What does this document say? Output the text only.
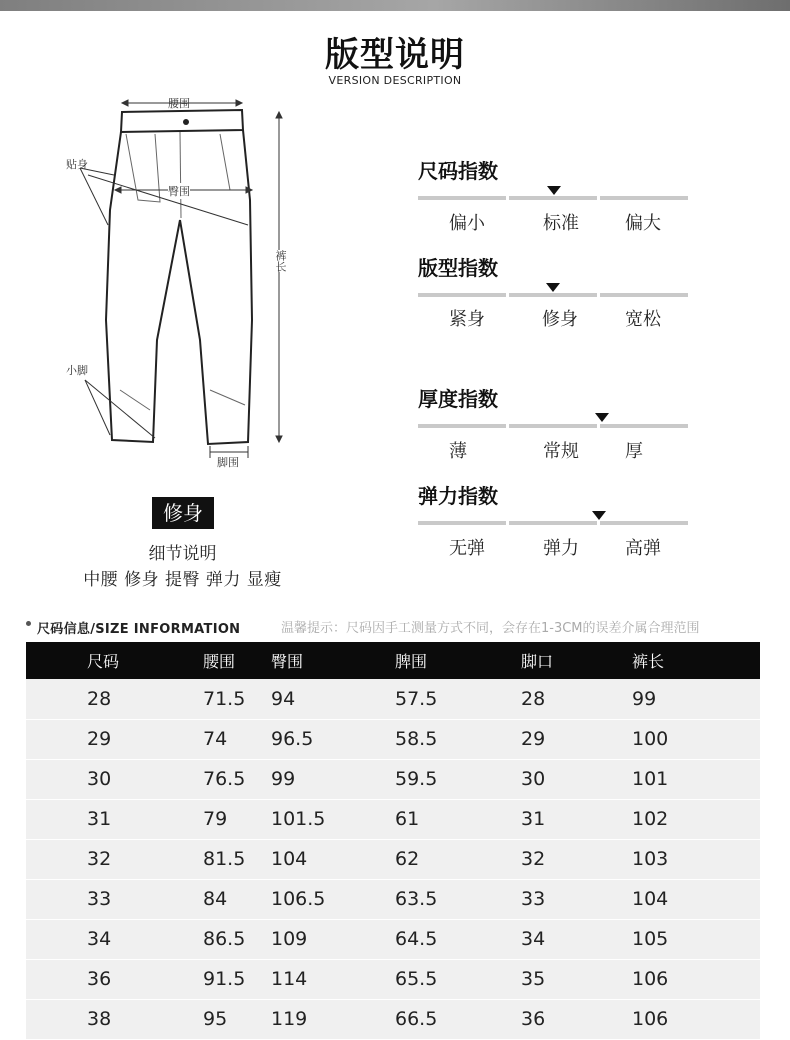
版型说明
VERSION DESCRIPTION
腰围
贴身
臀围
裤长
小脚
脚围
修身
细节说明
中腰 修身 提臀 弹力 显瘦
尺码指数
偏小	标准	偏大
版型指数
紧身	修身	宽松
厚度指数
薄	常规	厚
弹力指数
无弹	弹力	高弹
尺码信息/SIZE INFORMATION	温馨提示：尺码因手工测量方式不同，会存在1-3CM的误差介属合理范围
尺码	腰围	臀围	脾围	脚口	裤长
28	71.5	94	57.5	28	99
29	74	96.5	58.5	29	100
30	76.5	99	59.5	30	101
31	79	101.5	61	31	102
32	81.5	104	62	32	103
33	84	106.5	63.5	33	104
34	86.5	109	64.5	34	105
36	91.5	114	65.5	35	106
38	95	119	66.5	36	106
